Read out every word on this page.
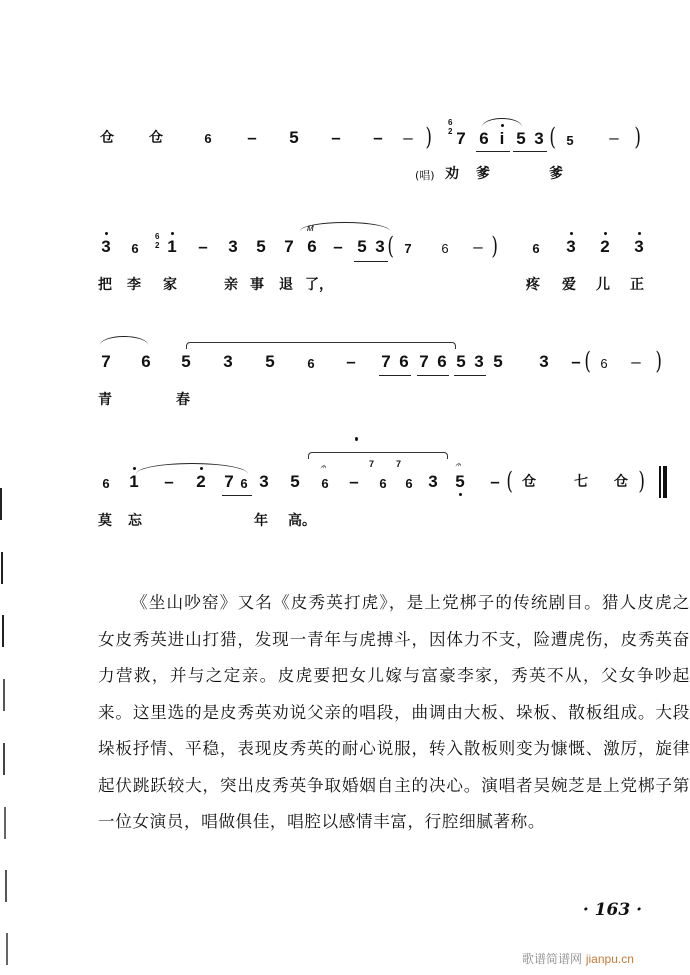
仓	仓	6 – 5 – – – )
6
2 7 6 i 5 3 ( 5 – )
(唱) 劝 爹	爹
3	6
6
2 1 – 3 5 7 6
ᴍ
– 5 3 ( 7	6 – )	6 3 2 3
把 李 家	亲 事 退 了，	疼 爱 儿 正
7 6 5 3 5	6 – 7 6 7 6 5 3 5 3 – ( 6 – )
青	春
6 1 – 2 7 6 3 5	6
𝄐
–
7
6
7
6 3 5
𝄐
– ( 仓	七 仓 )
莫 忘	年 高。

《坐山吵窑》又名《皮秀英打虎》，是上党梆子的传统剧目。猎人皮虎之女皮秀英进山打猎，发现一青年与虎搏斗，因体力不支，险遭虎伤，皮秀英奋力营救，并与之定亲。皮虎要把女儿嫁与富豪李家，秀英不从，父女争吵起来。这里选的是皮秀英劝说父亲的唱段，曲调由大板、垛板、散板组成。大段垛板抒情、平稳，表现皮秀英的耐心说服，转入散板则变为慷慨、激厉，旋律起伏跳跃较大，突出皮秀英争取婚姻自主的决心。演唱者吴婉芝是上党梆子第一位女演员，唱做俱佳，唱腔以感情丰富，行腔细腻著称。

· 163 ·
歌谱简谱网 jianpu.cn
